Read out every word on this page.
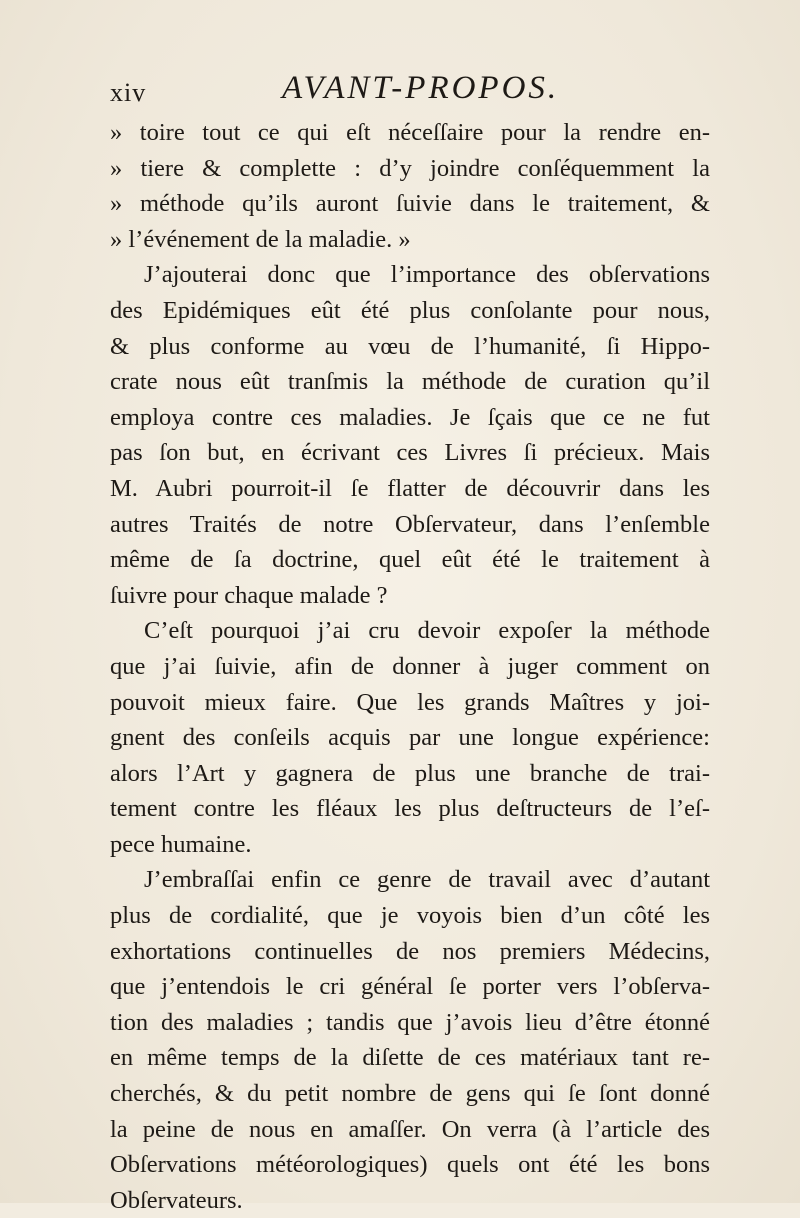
xiv	AVANT-PROPOS.
» toire tout ce qui eſt néceſſaire pour la rendre en-
» tiere & complette : d’y joindre conſéquemment la
» méthode qu’ils auront ſuivie dans le traitement, &
» l’événement de la maladie. »
J’ajouterai donc que l’importance des obſervations
des Epidémiques eût été plus conſolante pour nous,
& plus conforme au vœu de l’humanité, ſi Hippo-
crate nous eût tranſmis la méthode de curation qu’il
employa contre ces maladies. Je ſçais que ce ne fut
pas ſon but, en écrivant ces Livres ſi précieux. Mais
M. Aubri pourroit-il ſe flatter de découvrir dans les
autres Traités de notre Obſervateur, dans l’enſemble
même de ſa doctrine, quel eût été le traitement à
ſuivre pour chaque malade ?
C’eſt pourquoi j’ai cru devoir expoſer la méthode
que j’ai ſuivie, afin de donner à juger comment on
pouvoit mieux faire. Que les grands Maîtres y joi-
gnent des conſeils acquis par une longue expérience:
alors l’Art y gagnera de plus une branche de trai-
tement contre les fléaux les plus deſtructeurs de l’eſ-
pece humaine.
J’embraſſai enfin ce genre de travail avec d’autant
plus de cordialité, que je voyois bien d’un côté les
exhortations continuelles de nos premiers Médecins,
que j’entendois le cri général ſe porter vers l’obſerva-
tion des maladies ; tandis que j’avois lieu d’être étonné
en même temps de la diſette de ces matériaux tant re-
cherchés, & du petit nombre de gens qui ſe ſont donné
la peine de nous en amaſſer. On verra (à l’article des
Obſervations météorologiques) quels ont été les bons
Obſervateurs.
